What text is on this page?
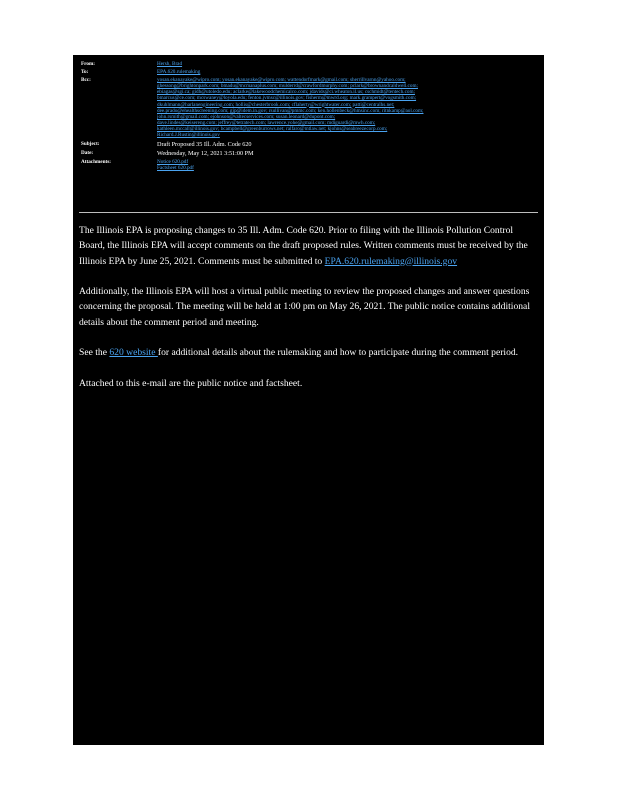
From:	Hersh, Brad
To:	EPA.620.rulemaking
Bcc:	yosan.ekanayake@wipro.com; yosan.ekanayake@wipro.com; wattendorfmark@gmail.com; sherrillvarnn@yahoo.com;
ghessong@brightonpark.com; bmadu@mcmanaplus.com; mulderrd@crawfordmurphy.com; pclark@brownandcaldwell.com;
ebiagas@sgi.ca; gidh@utoledo.edu; aclarke@lakewoodchemicalco.com; jdavids@ci.wheaton.il.us; cschmidt@tentech.com;
bmarcus@ce.com; mcswaney@loyola.edu; fenton.jvmsc@illinois.gov; fisherm@mwrd.org; mark.grampert@vogsmith.com;
dkuhlmann@harlanengineering.com; hollis@chesterbrook.com; cflaherty@wrightwater.com; patti@centralhs.net;
dee.prado@ehealthscreening.com; gjp@idem.in.gov; rsullivan@pmmc.com; ken.hollenbeck@hmsinc.com; ritnkamp@aol.com;
john.rsmith@gmail.com; ejohnson@valtecservices.com; susan.leonard@dupont.com;
dave.lindes@keisereng.com; jeffrey@tetratech.com; lawrence.yohe@gmail.com; mdiguardi@mwh.com;
kathleen.mccall@illinois.gov; bcampbell@greenburrows.net; ralfaro@mtlaw.net; kjohns@seabreezecorp.com;
Richard.J.Rustin@illinois.gov
Subject:	Draft Proposed 35 Ill. Adm. Code 620
Date:	Wednesday, May 12, 2021 3:51:00 PM
Attachments:	Notice 620.pdf
Factsheet 620.pdf

The Illinois EPA is proposing changes to 35 Ill. Adm. Code 620. Prior to filing with the Illinois Pollution Control Board, the Illinois EPA will accept comments on the draft proposed rules. Written comments must be received by the Illinois EPA by June 25, 2021. Comments must be submitted to EPA.620.rulemaking@illinois.gov

Additionally, the Illinois EPA will host a virtual public meeting to review the proposed changes and answer questions concerning the proposal. The meeting will be held at 1:00 pm on May 26, 2021. The public notice contains additional details about the comment period and meeting.

See the 620 website for additional details about the rulemaking and how to participate during the comment period.

Attached to this e-mail are the public notice and factsheet.
